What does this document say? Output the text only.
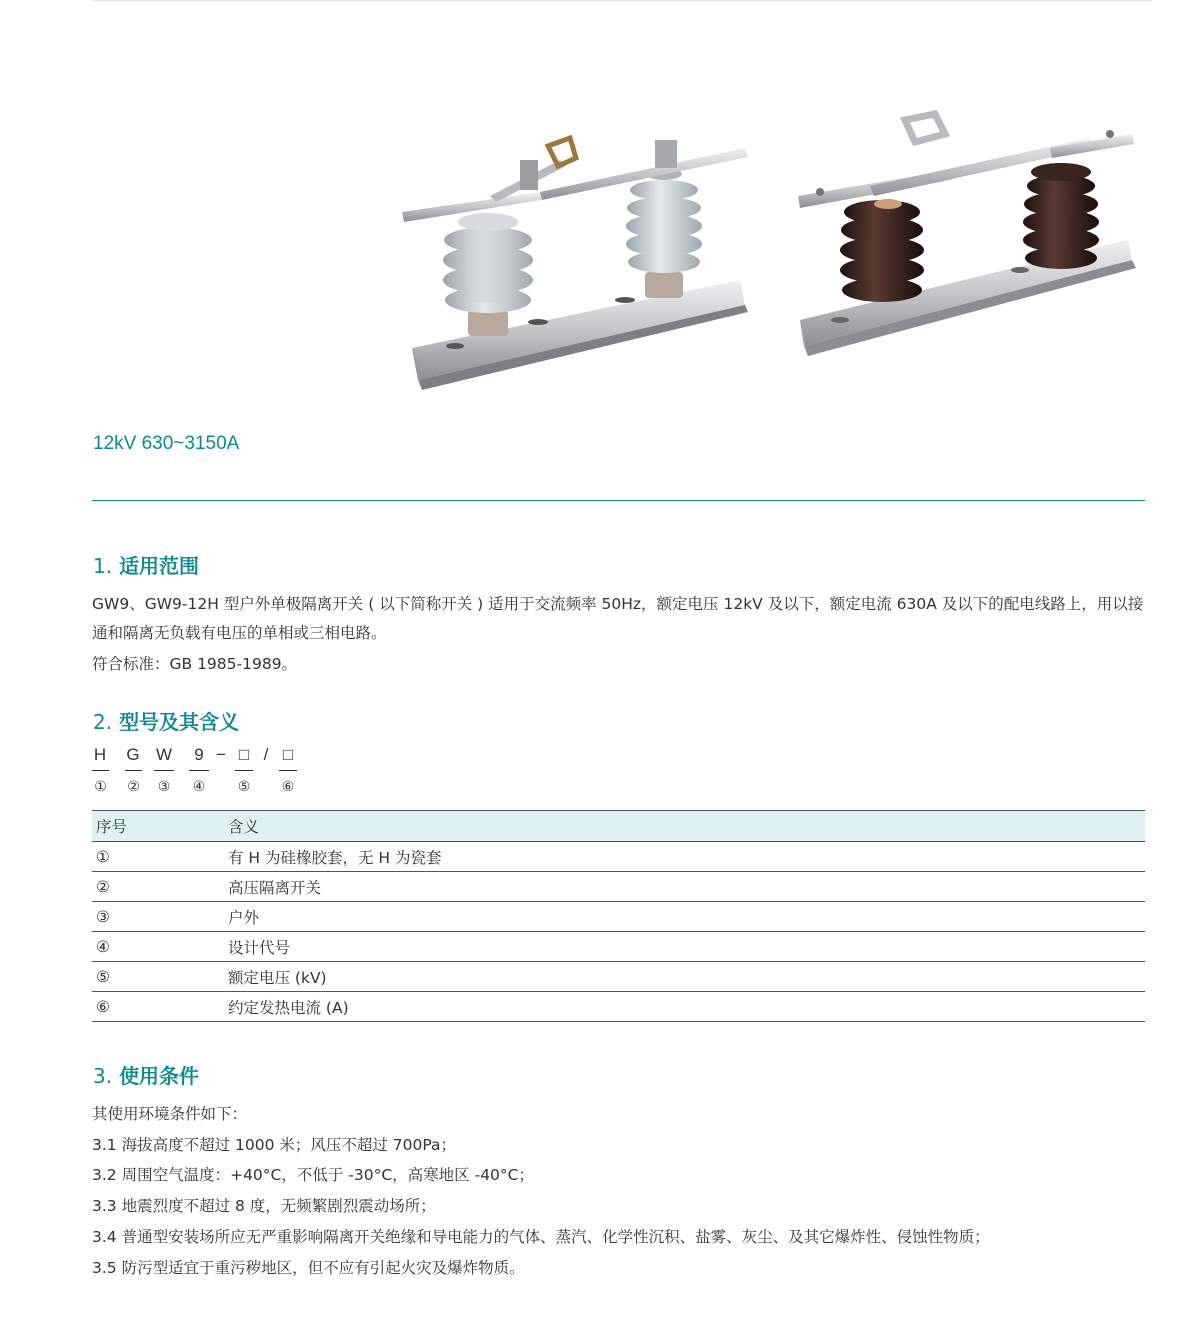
12kV 630~3150A
1. 适用范围
GW9、GW9-12H 型户外单极隔离开关 ( 以下简称开关 ) 适用于交流频率 50Hz，额定电压 12kV 及以下，额定电流 630A 及以下的配电线路上，用以接通和隔离无负载有电压的单相或三相电路。
符合标准：GB 1985-1989。
2. 型号及其含义
H G W 9 − □ / □
① ② ③ ④ ⑤ ⑥
序号	含义
①	有 H 为硅橡胶套，无 H 为瓷套
②	高压隔离开关
③	户外
④	设计代号
⑤	额定电压 (kV)
⑥	约定发热电流 (A)
3. 使用条件
其使用环境条件如下：
3.1 海拔高度不超过 1000 米；风压不超过 700Pa；
3.2 周围空气温度：+40°C，不低于 -30°C，高寒地区 -40°C；
3.3 地震烈度不超过 8 度，无频繁剧烈震动场所；
3.4 普通型安装场所应无严重影响隔离开关绝缘和导电能力的气体、蒸汽、化学性沉积、盐雾、灰尘、及其它爆炸性、侵蚀性物质；
3.5 防污型适宜于重污秽地区，但不应有引起火灾及爆炸物质。
